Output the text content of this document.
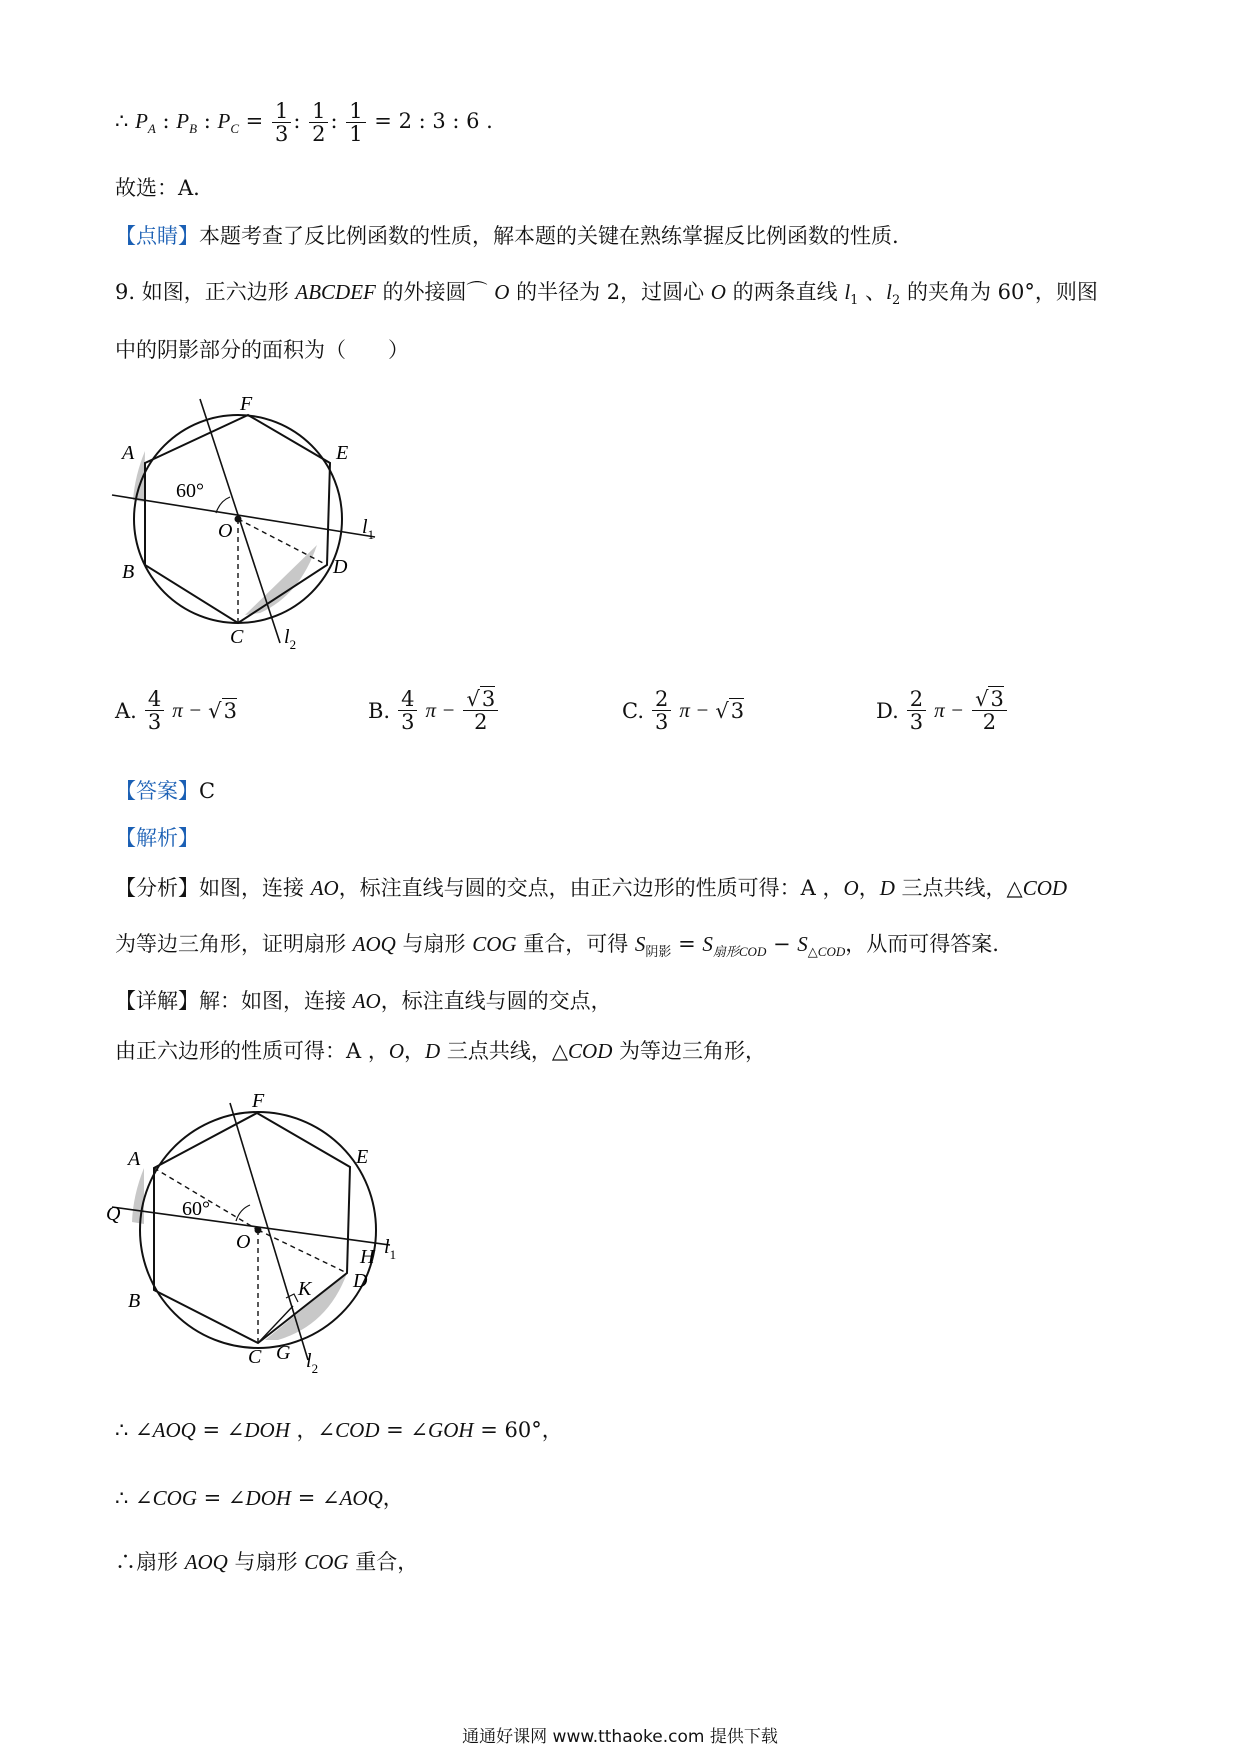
∴ $P_A$ : $P_B$ : $P_C = \frac{1}{3}$ : $\frac{1}{2}$ : $\frac{1}{1} = 2$ : 3 : 6 .
故选：A.
【点睛】本题考查了反比例函数的性质，解本题的关键在熟练掌握反比例函数的性质.
9. 如图，正六边形 ABCDEF 的外接圆⌒ O 的半径为 2，过圆心 O 的两条直线 $l_1$ 、$l_2$ 的夹角为 60°，则图
中的阴影部分的面积为（　　）
F
E
A
60°
O	$l_1$
D
B
C $l_2$
A. $\frac{4}{3}$ π − √3	B. $\frac{4}{3}$ $\pi - \frac{√3}{2}$	C. $\frac{2}{3}$ π − √3	D. $\frac{2}{3}$ $\pi - \frac{√3}{2}$
【答案】C
【解析】
【分析】如图，连接 AO，标注直线与圆的交点，由正六边形的性质可得：A ，O，D 三点共线，△COD
为等边三角形，证明扇形 AOQ 与扇形 COG 重合，可得 $S_{阴影} = S_{扇形COD} - S_{\triangle COD}$，从而可得答案.
【详解】解：如图，连接 AO，标注直线与圆的交点，
由正六边形的性质可得：A ，O，D 三点共线，△COD 为等边三角形，
F
E
A
Q	60°
O
H $l_1$
K D
B
C G $l_2$
∴ ∠AOQ = ∠DOH ，∠COD = ∠GOH = 60°，
∴ ∠COG = ∠DOH = ∠AOQ，
∴扇形 AOQ 与扇形 COG 重合，
通通好课网 www.tthaoke.com 提供下载
